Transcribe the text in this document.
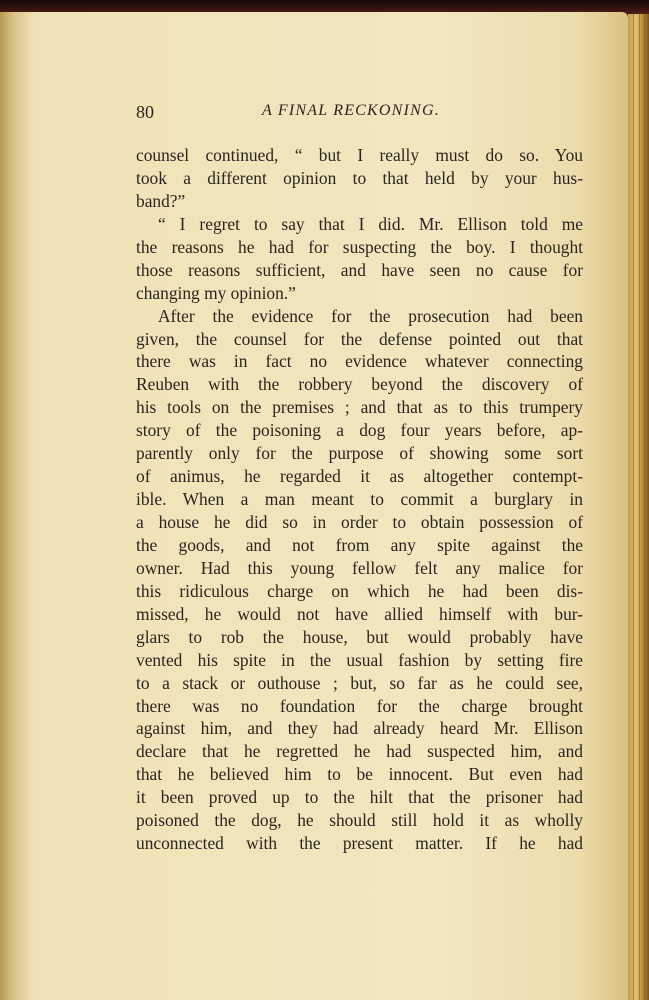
80	A FINAL RECKONING.
counsel continued, “ but I really must do so. You
took a different opinion to that held by your hus-
band?”
“ I regret to say that I did. Mr. Ellison told me
the reasons he had for suspecting the boy. I thought
those reasons sufficient, and have seen no cause for
changing my opinion.”
After the evidence for the prosecution had been
given, the counsel for the defense pointed out that
there was in fact no evidence whatever connecting
Reuben with the robbery beyond the discovery of
his tools on the premises ; and that as to this trumpery
story of the poisoning a dog four years before, ap-
parently only for the purpose of showing some sort
of animus, he regarded it as altogether contempt-
ible. When a man meant to commit a burglary in
a house he did so in order to obtain possession of
the goods, and not from any spite against the
owner. Had this young fellow felt any malice for
this ridiculous charge on which he had been dis-
missed, he would not have allied himself with bur-
glars to rob the house, but would probably have
vented his spite in the usual fashion by setting fire
to a stack or outhouse ; but, so far as he could see,
there was no foundation for the charge brought
against him, and they had already heard Mr. Ellison
declare that he regretted he had suspected him, and
that he believed him to be innocent. But even had
it been proved up to the hilt that the prisoner had
poisoned the dog, he should still hold it as wholly
unconnected with the present matter. If he had
